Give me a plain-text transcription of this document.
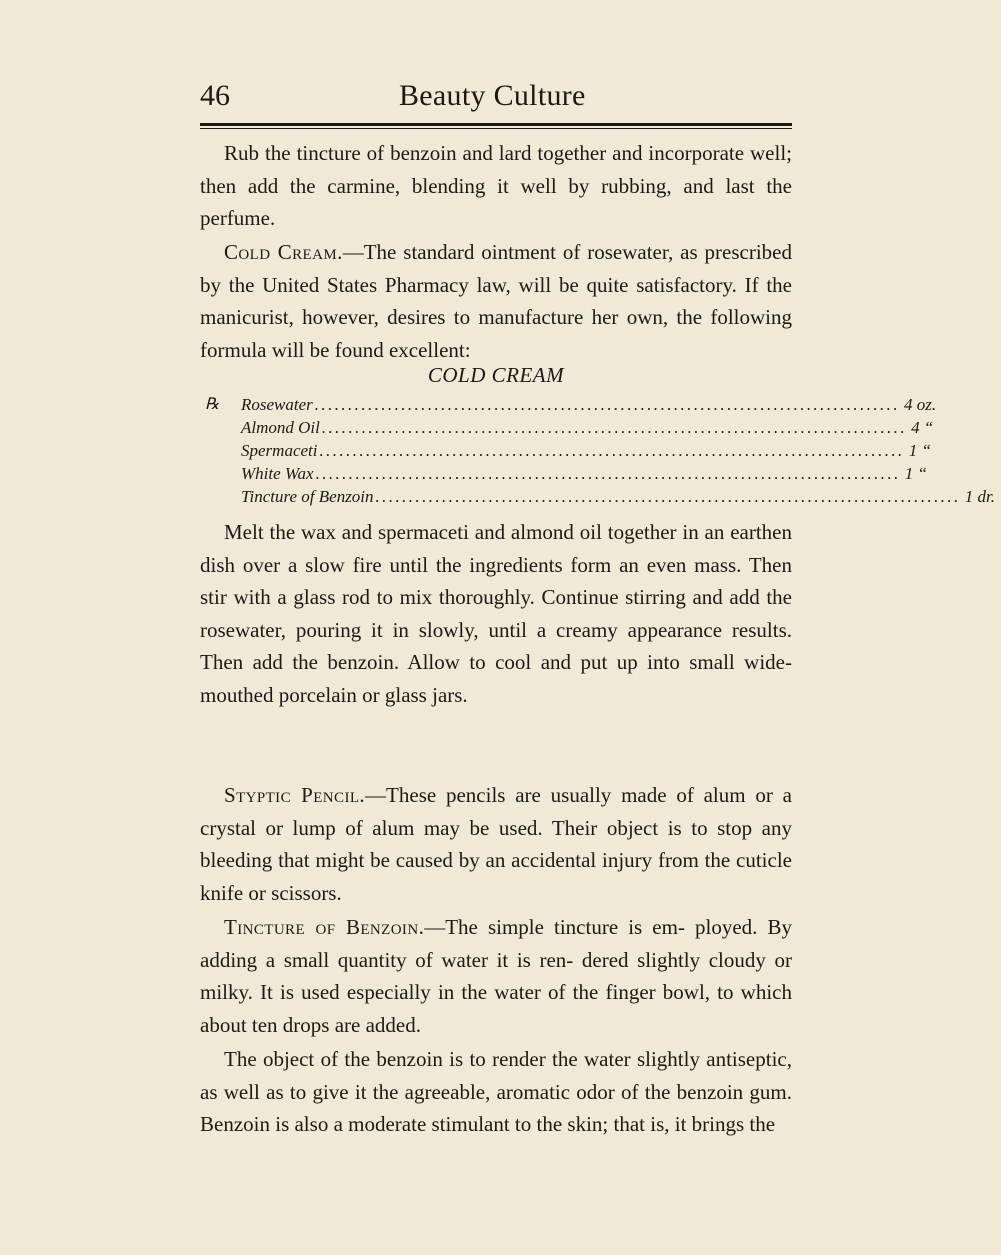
46	Beauty Culture

Rub the tincture of benzoin and lard together and incorporate well; then add the carmine, blending it well by rubbing, and last the perfume.

Cold Cream.—The standard ointment of rosewater, as prescribed by the United States Pharmacy law, will be quite satisfactory. If the manicurist, however, desires to manufacture her own, the following formula will be found excellent:

COLD CREAM
℞ Rosewater ........................................................................................ 4 oz.
Almond Oil ........................................................................................ 4 “
Spermaceti ........................................................................................ 1 “
White Wax ........................................................................................ 1 “
Tincture of Benzoin ........................................................................................ 1 dr.

Melt the wax and spermaceti and almond oil together in an earthen dish over a slow fire until the ingredients form an even mass. Then stir with a glass rod to mix thoroughly. Continue stirring and add the rosewater, pouring it in slowly, until a creamy appearance results. Then add the benzoin. Allow to cool and put up into small wide-mouthed porcelain or glass jars.

Styptic Pencil.—These pencils are usually made of alum or a crystal or lump of alum may be used. Their object is to stop any bleeding that might be caused by an accidental injury from the cuticle knife or scissors.

Tincture of Benzoin.—The simple tincture is em- ployed. By adding a small quantity of water it is ren- dered slightly cloudy or milky. It is used especially in the water of the finger bowl, to which about ten drops are added.

The object of the benzoin is to render the water slightly antiseptic, as well as to give it the agreeable, aromatic odor of the benzoin gum. Benzoin is also a moderate stimulant to the skin; that is, it brings the
